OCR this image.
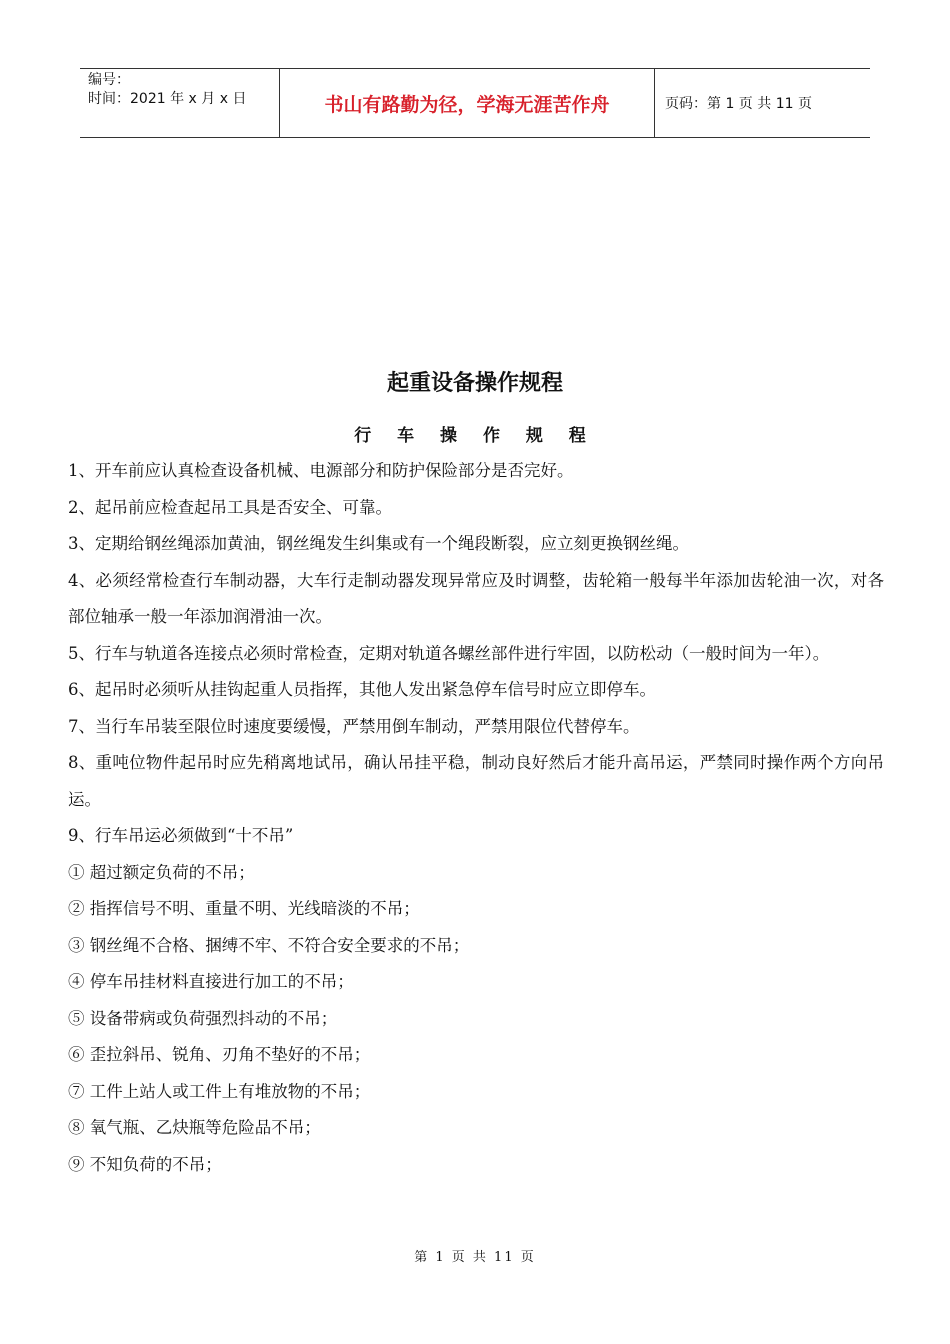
编号：
时间：2021 年 x 月 x 日	书山有路勤为径，学海无涯苦作舟	页码：第 1 页 共 11 页
起重设备操作规程
行 车 操 作 规 程

1、开车前应认真检查设备机械、电源部分和防护保险部分是否完好。

2、起吊前应检查起吊工具是否安全、可靠。

3、定期给钢丝绳添加黄油，钢丝绳发生纠集或有一个绳段断裂，应立刻更换钢丝绳。

4、必须经常检查行车制动器，大车行走制动器发现异常应及时调整，齿轮箱一般每半年添加齿轮油一次，对各部位轴承一般一年添加润滑油一次。

5、行车与轨道各连接点必须时常检查，定期对轨道各螺丝部件进行牢固，以防松动（一般时间为一年）。

6、起吊时必须听从挂钩起重人员指挥，其他人发出紧急停车信号时应立即停车。

7、当行车吊装至限位时速度要缓慢，严禁用倒车制动，严禁用限位代替停车。

8、重吨位物件起吊时应先稍离地试吊，确认吊挂平稳，制动良好然后才能升高吊运，严禁同时操作两个方向吊运。

9、行车吊运必须做到“十不吊”

① 超过额定负荷的不吊；

② 指挥信号不明、重量不明、光线暗淡的不吊；

③ 钢丝绳不合格、捆缚不牢、不符合安全要求的不吊；

④ 停车吊挂材料直接进行加工的不吊；

⑤ 设备带病或负荷强烈抖动的不吊；

⑥ 歪拉斜吊、锐角、刃角不垫好的不吊；

⑦ 工件上站人或工件上有堆放物的不吊；

⑧ 氧气瓶、乙炔瓶等危险品不吊；

⑨ 不知负荷的不吊；

第 1 页 共 11 页
